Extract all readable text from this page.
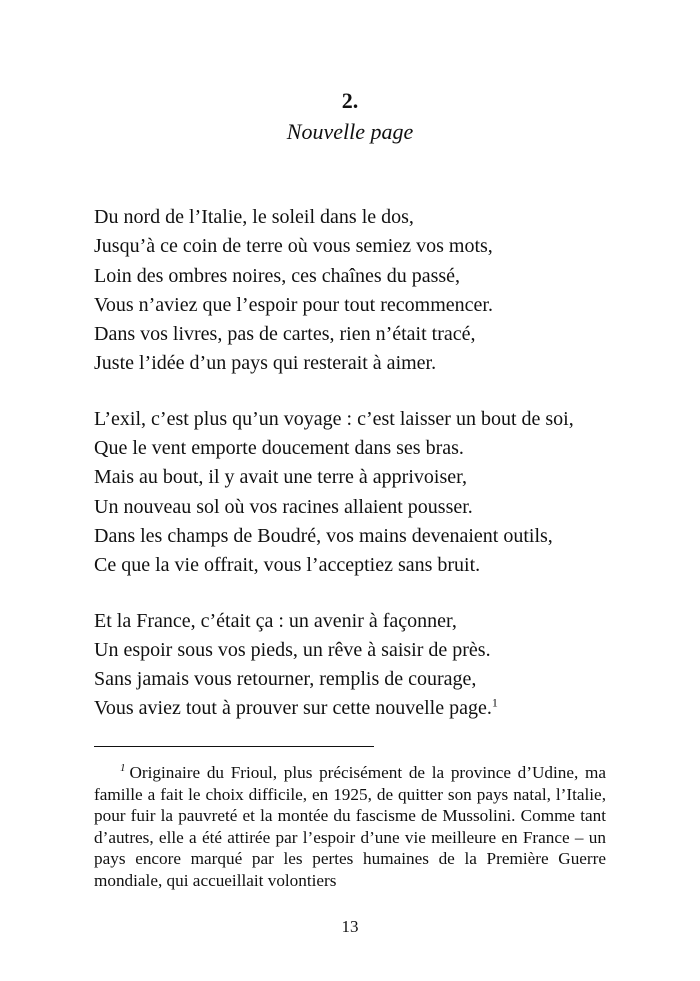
2.
Nouvelle page
Du nord de l’Italie, le soleil dans le dos,
Jusqu’à ce coin de terre où vous semiez vos mots,
Loin des ombres noires, ces chaînes du passé,
Vous n’aviez que l’espoir pour tout recommencer.
Dans vos livres, pas de cartes, rien n’était tracé,
Juste l’idée d’un pays qui resterait à aimer.
L’exil, c’est plus qu’un voyage : c’est laisser un bout de soi,
Que le vent emporte doucement dans ses bras.
Mais au bout, il y avait une terre à apprivoiser,
Un nouveau sol où vos racines allaient pousser.
Dans les champs de Boudré, vos mains devenaient outils,
Ce que la vie offrait, vous l’acceptiez sans bruit.
Et la France, c’était ça : un avenir à façonner,
Un espoir sous vos pieds, un rêve à saisir de près.
Sans jamais vous retourner, remplis de courage,
Vous aviez tout à prouver sur cette nouvelle page.$^1$
$^1$ Originaire du Frioul, plus précisément de la province d’Udine, ma famille a fait le choix difficile, en 1925, de quitter son pays natal, l’Italie, pour fuir la pauvreté et la montée du fascisme de Mussolini. Comme tant d’autres, elle a été attirée par l’espoir d’une vie meilleure en France – un pays encore marqué par les pertes humaines de la Première Guerre mondiale, qui accueillait volontiers
13
